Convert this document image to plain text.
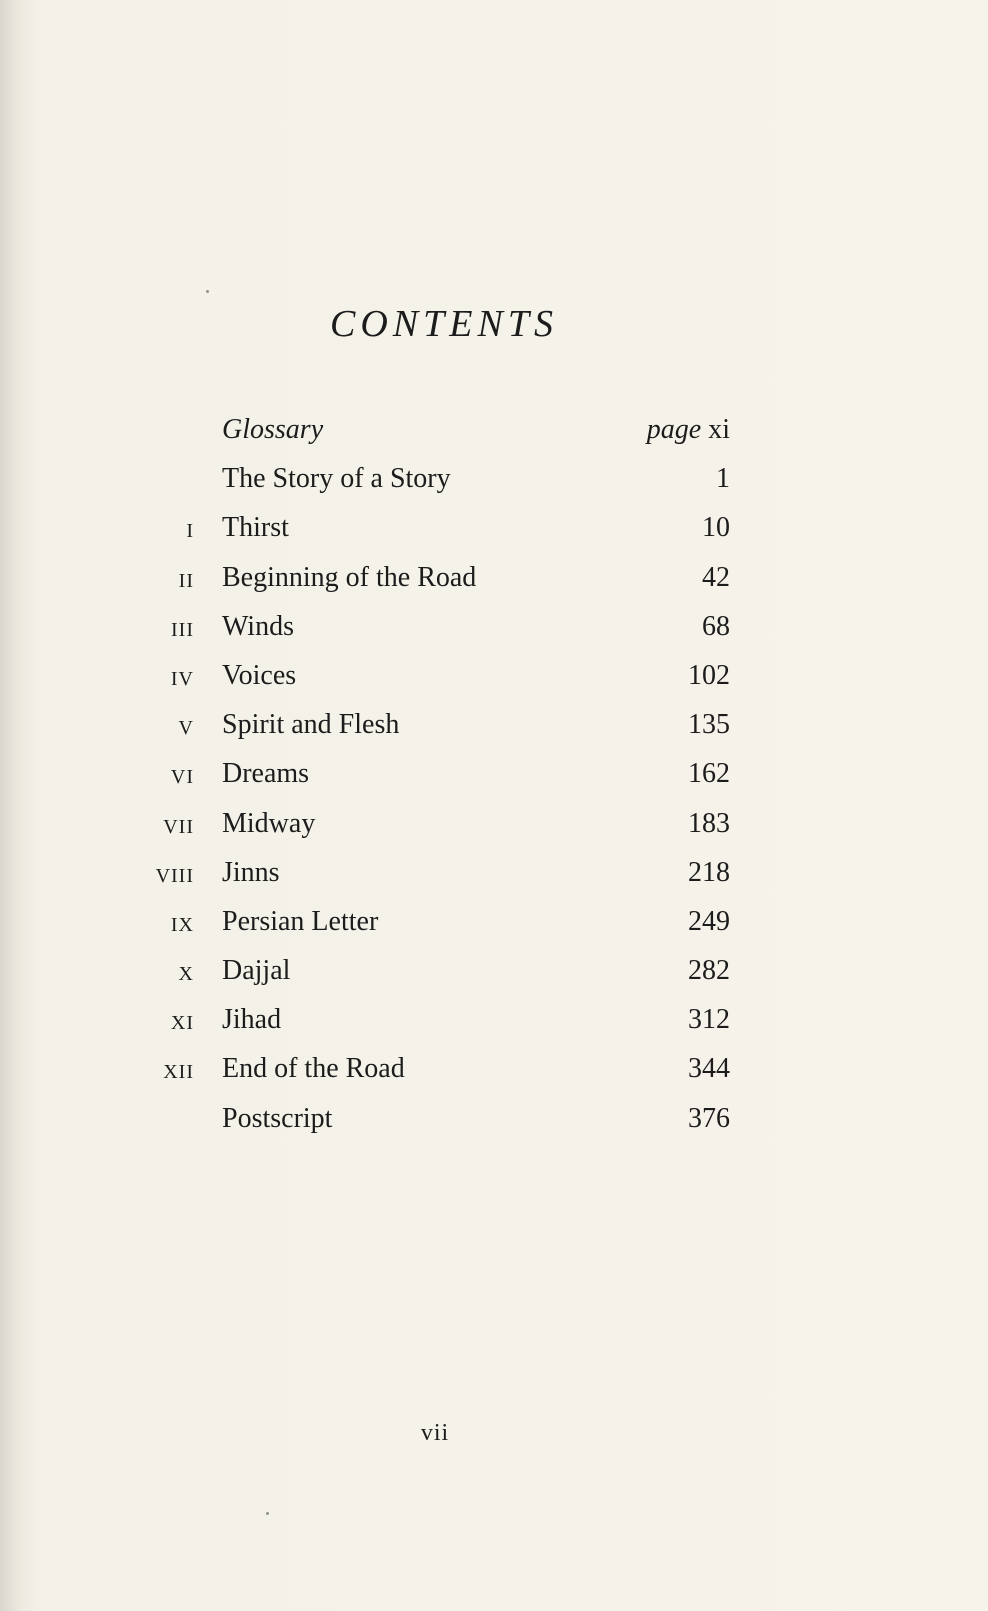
CONTENTS
Glossary	page xi
The Story of a Story	1
I Thirst	10
II Beginning of the Road	42
III Winds	68
IV Voices	102
V Spirit and Flesh	135
VI Dreams	162
VII Midway	183
VIII Jinns	218
IX Persian Letter	249
X Dajjal	282
XI Jihad	312
XII End of the Road	344
Postscript	376
vii
